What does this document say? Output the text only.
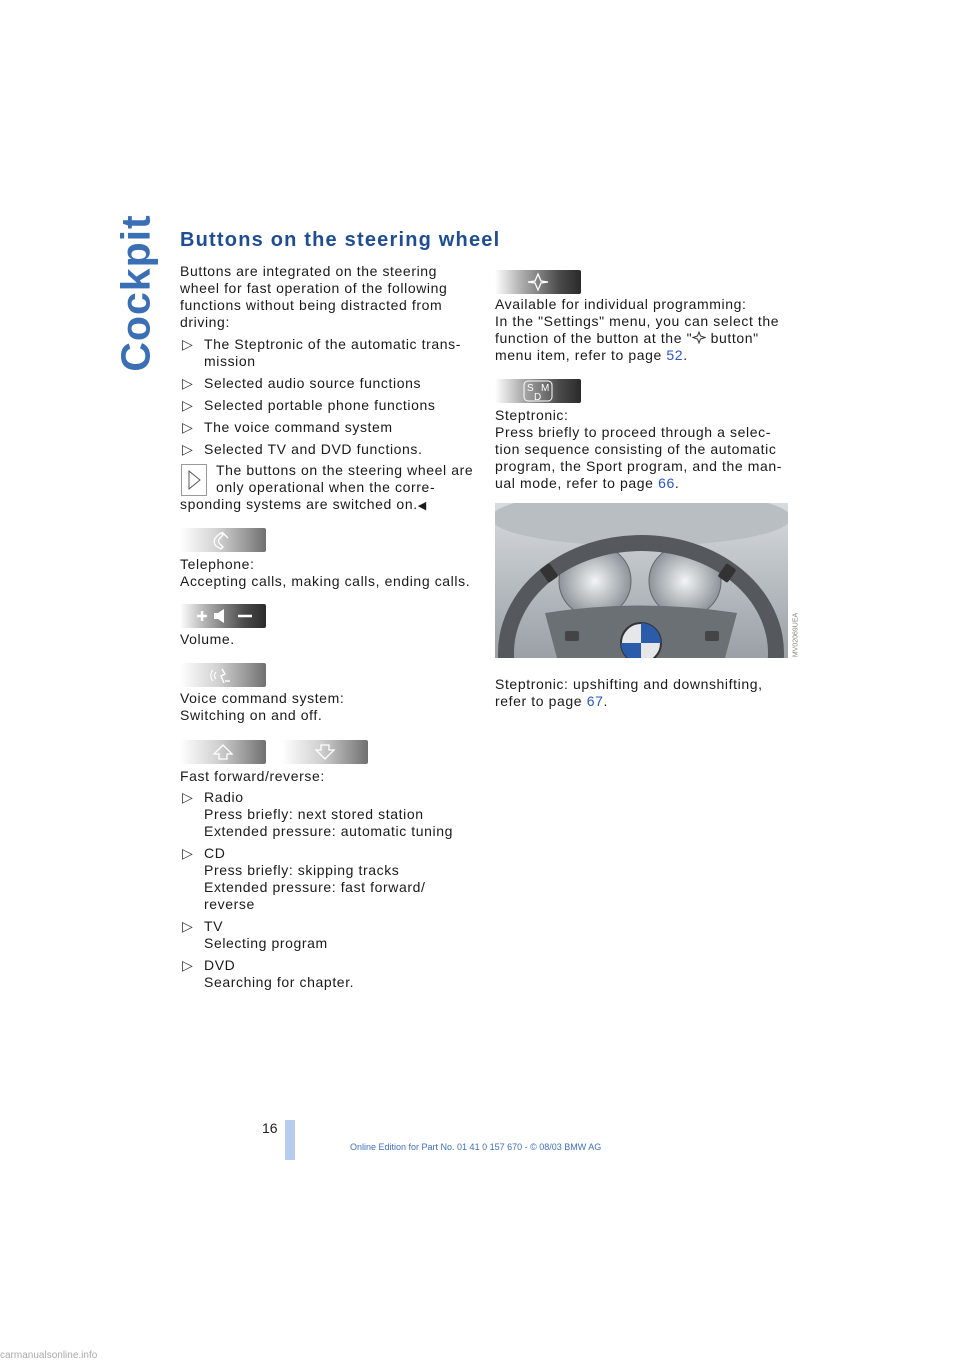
Cockpit Buttons on the steering wheel

Buttons are integrated on the steering

wheel for fast operation of the following

functions without being distracted from

driving:

▷ The Steptronic of the automatic trans-

mission

▷ Selected audio source functions

▷ Selected portable phone functions

▷ The voice command system

▷ Selected TV and DVD functions.

The buttons on the steering wheel are

only operational when the corre-

sponding systems are switched on.◀

Telephone:

Accepting calls, making calls, ending calls.

Volume.

Voice command system:

Switching on and off.

Fast forward/reverse:
▷ Radio

Press briefly: next stored station

Extended pressure: automatic tuning

▷ CD

Press briefly: skipping tracks

Extended pressure: fast forward/

reverse

▷ TV

Selecting program

▷ DVD

Searching for chapter.

Available for individual programming:

In the "Settings" menu, you can select the

function of the button at the " button"

menu item, refer to page 52.

S M
D

Steptronic:

Press briefly to proceed through a selec-

tion sequence consisting of the automatic

program, the Sport program, and the man-

ual mode, refer to page 66.

MV02069UEA

Steptronic: upshifting and downshifting,

refer to page 67.

16
Online Edition for Part No. 01 41 0 157 670 - © 08/03 BMW AG
carmanualsonline.info
